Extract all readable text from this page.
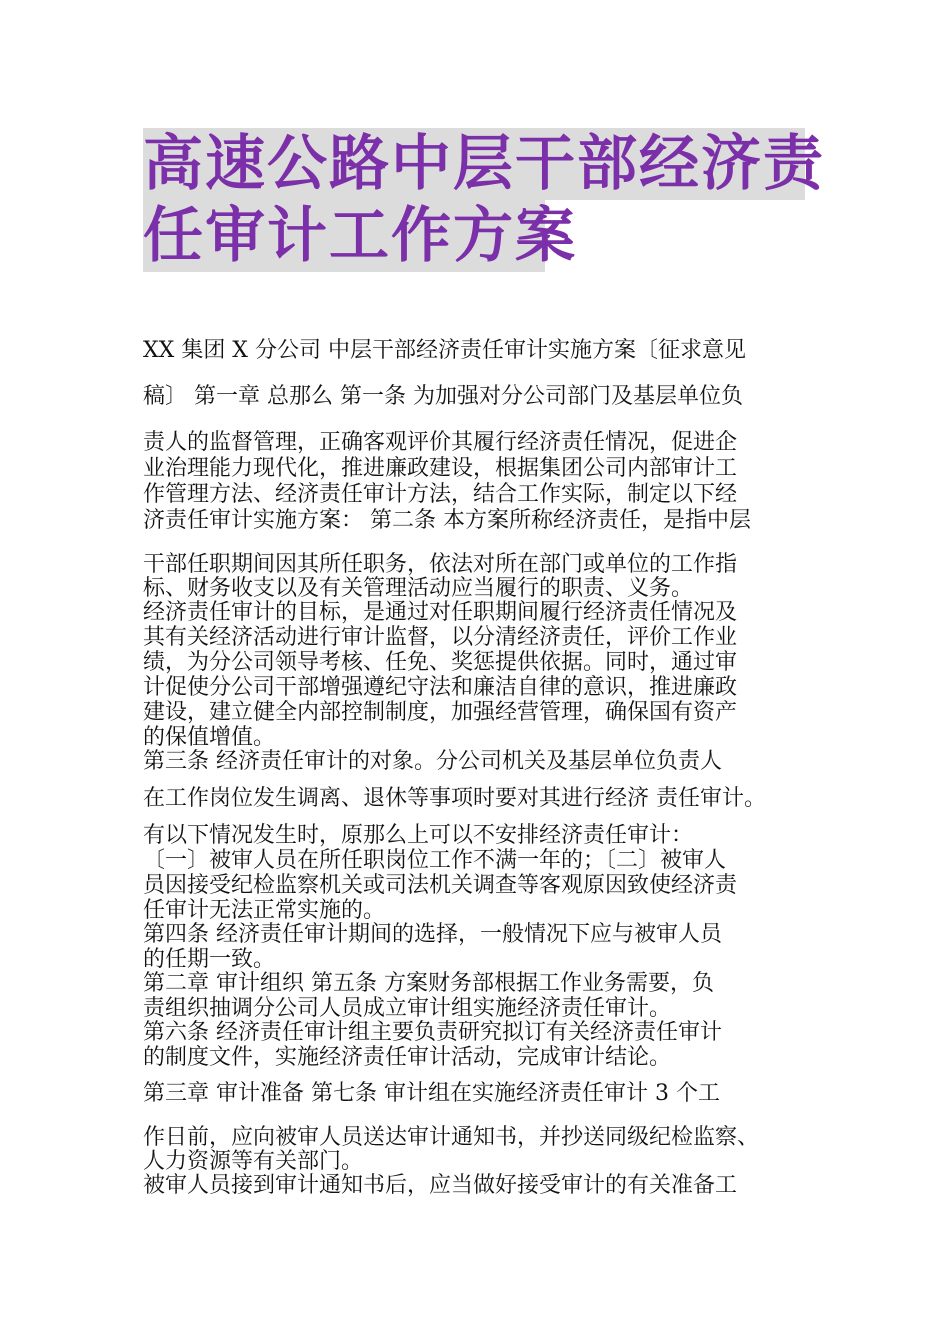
高速公路中层干部经济责
任审计工作方案

XX 集团 X 分公司 中层干部经济责任审计实施方案〔征求意见

稿〕 第一章 总那么 第一条 为加强对分公司部门及基层单位负

责人的监督管理，正确客观评价其履行经济责任情况，促进企

业治理能力现代化，推进廉政建设，根据集团公司内部审计工

作管理方法、经济责任审计方法，结合工作实际，制定以下经

济责任审计实施方案： 第二条 本方案所称经济责任，是指中层

干部任职期间因其所任职务，依法对所在部门或单位的工作指

标、财务收支以及有关管理活动应当履行的职责、义务。

经济责任审计的目标，是通过对任职期间履行经济责任情况及

其有关经济活动进行审计监督，以分清经济责任，评价工作业

绩，为分公司领导考核、任免、奖惩提供依据。同时，通过审

计促使分公司干部增强遵纪守法和廉洁自律的意识，推进廉政

建设，建立健全内部控制制度，加强经营管理，确保国有资产

的保值增值。

第三条 经济责任审计的对象。分公司机关及基层单位负责人

在工作岗位发生调离、退休等事项时要对其进行经济 责任审计。

有以下情况发生时，原那么上可以不安排经济责任审计：

〔一〕被审人员在所任职岗位工作不满一年的；〔二〕被审人

员因接受纪检监察机关或司法机关调查等客观原因致使经济责

任审计无法正常实施的。

第四条 经济责任审计期间的选择，一般情况下应与被审人员

的任期一致。

第二章 审计组织 第五条 方案财务部根据工作业务需要，负

责组织抽调分公司人员成立审计组实施经济责任审计。

第六条 经济责任审计组主要负责研究拟订有关经济责任审计

的制度文件，实施经济责任审计活动，完成审计结论。

第三章 审计准备 第七条 审计组在实施经济责任审计 3 个工

作日前，应向被审人员送达审计通知书，并抄送同级纪检监察、

人力资源等有关部门。

被审人员接到审计通知书后，应当做好接受审计的有关准备工
